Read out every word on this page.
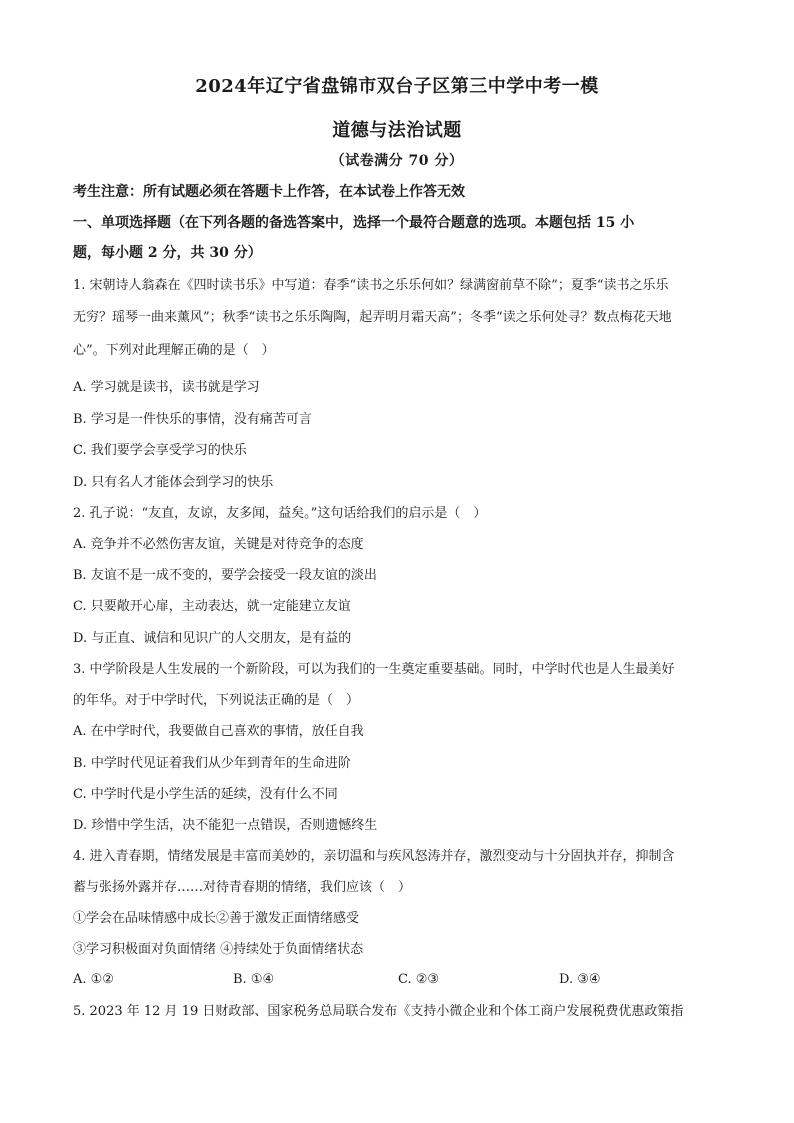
2024年辽宁省盘锦市双台子区第三中学中考一模
道德与法治试题
（试卷满分 70 分）
考生注意：所有试题必须在答题卡上作答，在本试卷上作答无效
一、单项选择题（在下列各题的备选答案中，选择一个最符合题意的选项。本题包括 15 小
题，每小题 2 分，共 30 分）
1. 宋朝诗人翁森在《四时读书乐》中写道：春季“读书之乐乐何如？绿满窗前草不除”；夏季“读书之乐乐
无穷？瑶琴一曲来薰风”；秋季“读书之乐乐陶陶，起弄明月霜天高”；冬季“读之乐何处寻？数点梅花天地
心”。下列对此理解正确的是（　）
A. 学习就是读书，读书就是学习
B. 学习是一件快乐的事情，没有痛苦可言
C. 我们要学会享受学习的快乐
D. 只有名人才能体会到学习的快乐
2. 孔子说：“友直，友谅，友多闻，益矣。”这句话给我们的启示是（　）
A. 竞争并不必然伤害友谊，关键是对待竞争的态度
B. 友谊不是一成不变的，要学会接受一段友谊的淡出
C. 只要敞开心扉，主动表达，就一定能建立友谊
D. 与正直、诚信和见识广的人交朋友，是有益的
3. 中学阶段是人生发展的一个新阶段，可以为我们的一生奠定重要基础。同时，中学时代也是人生最美好
的年华。对于中学时代，下列说法正确的是（　）
A. 在中学时代，我要做自己喜欢的事情，放任自我
B. 中学时代见证着我们从少年到青年的生命进阶
C. 中学时代是小学生活的延续，没有什么不同
D. 珍惜中学生活，决不能犯一点错误，否则遗憾终生
4. 进入青春期，情绪发展是丰富而美妙的，亲切温和与疾风怒涛并存，激烈变动与十分固执并存，抑制含
蓄与张扬外露并存……对待青春期的情绪，我们应该（　）
①学会在品味情感中成长②善于激发正面情绪感受
③学习积极面对负面情绪 ④持续处于负面情绪状态
A. ①②	B. ①④	C. ②③	D. ③④
5. 2023 年 12 月 19 日财政部、国家税务总局联合发布《支持小微企业和个体工商户发展税费优惠政策指
